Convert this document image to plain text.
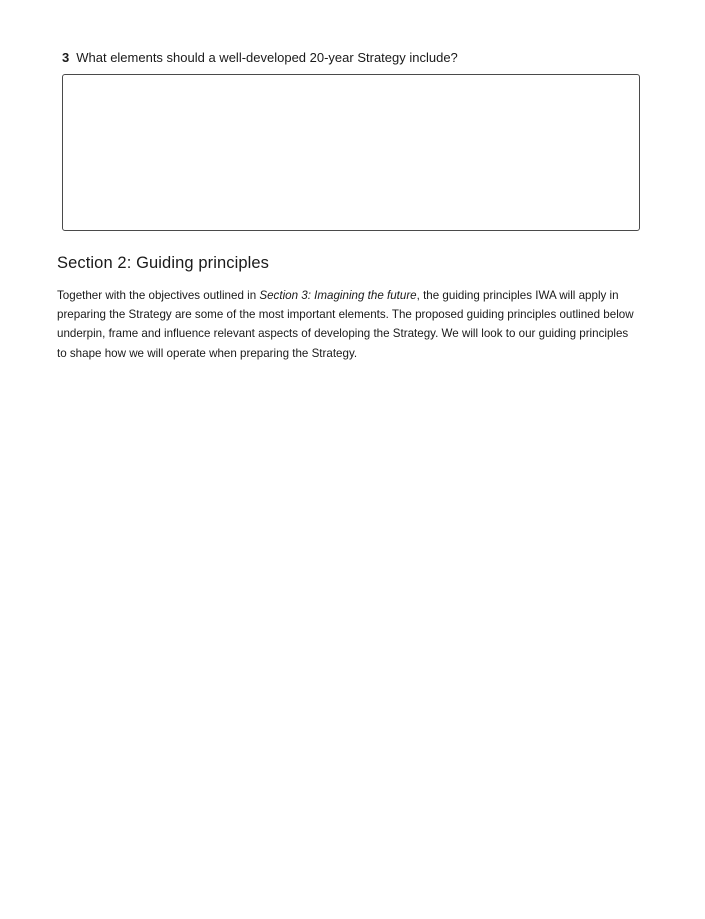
3 What elements should a well-developed 20-year Strategy include?
Section 2: Guiding principles
Together with the objectives outlined in Section 3: Imagining the future, the guiding principles IWA will apply in preparing the Strategy are some of the most important elements. The proposed guiding principles outlined below underpin, frame and influence relevant aspects of developing the Strategy. We will look to our guiding principles to shape how we will operate when preparing the Strategy.
